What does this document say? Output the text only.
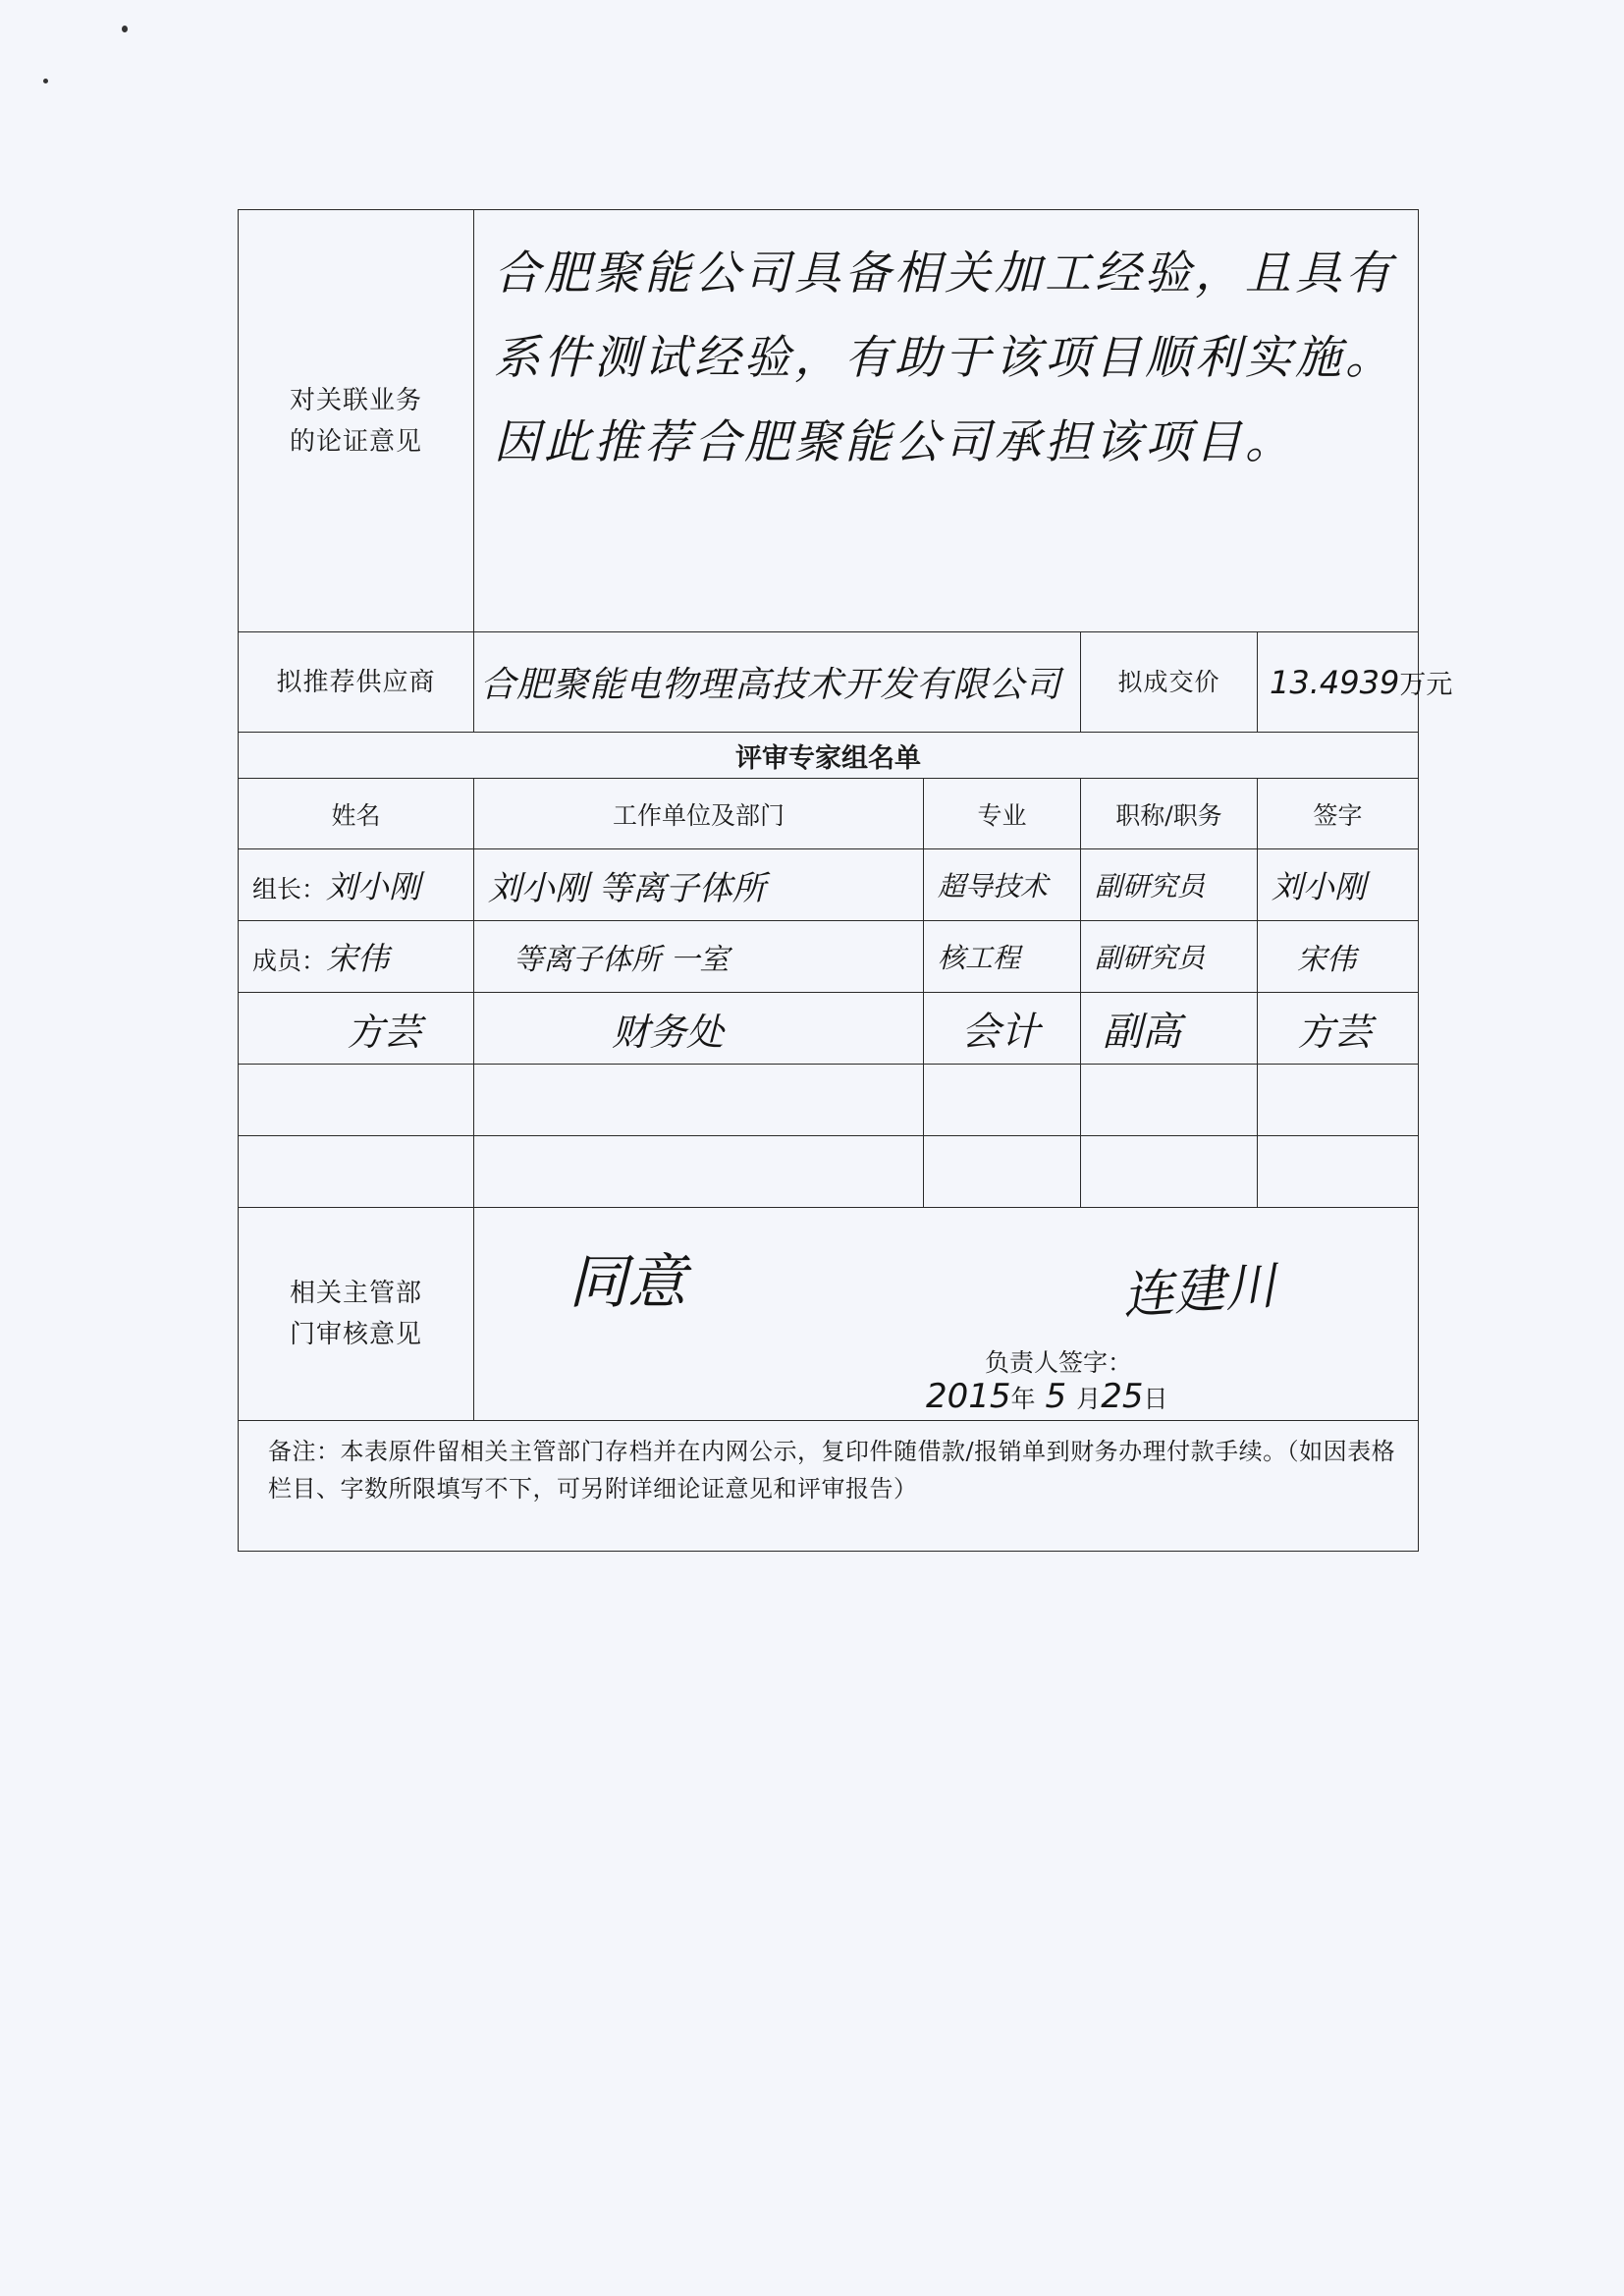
对关联业务的论证意见	合肥聚能公司具备相关加工经验，且具有系件测试经验，有助于该项目顺利实施。因此推荐合肥聚能公司承担该项目。			
拟推荐供应商	合肥聚能电物理高技术开发有限公司		拟成交价	13.4939万元
评审专家组名单				
姓名	工作单位及部门	专业	职称/职务	签字
组长：刘小刚	刘小刚 等离子体所	超导技术	副研究员	刘小刚
成员：宋伟	等离子体所 一室	核工程	副研究员	宋伟
方芸	财务处	会计	副高	方芸

相关主管部门审核意见	同意 连建川
负责人签字：
2015年 5 月25日			

备注：本表原件留相关主管部门存档并在内网公示，复印件随借款/报销单到财务办理付款手续。（如因表格栏目、字数所限填写不下，可另附详细论证意见和评审报告）				
